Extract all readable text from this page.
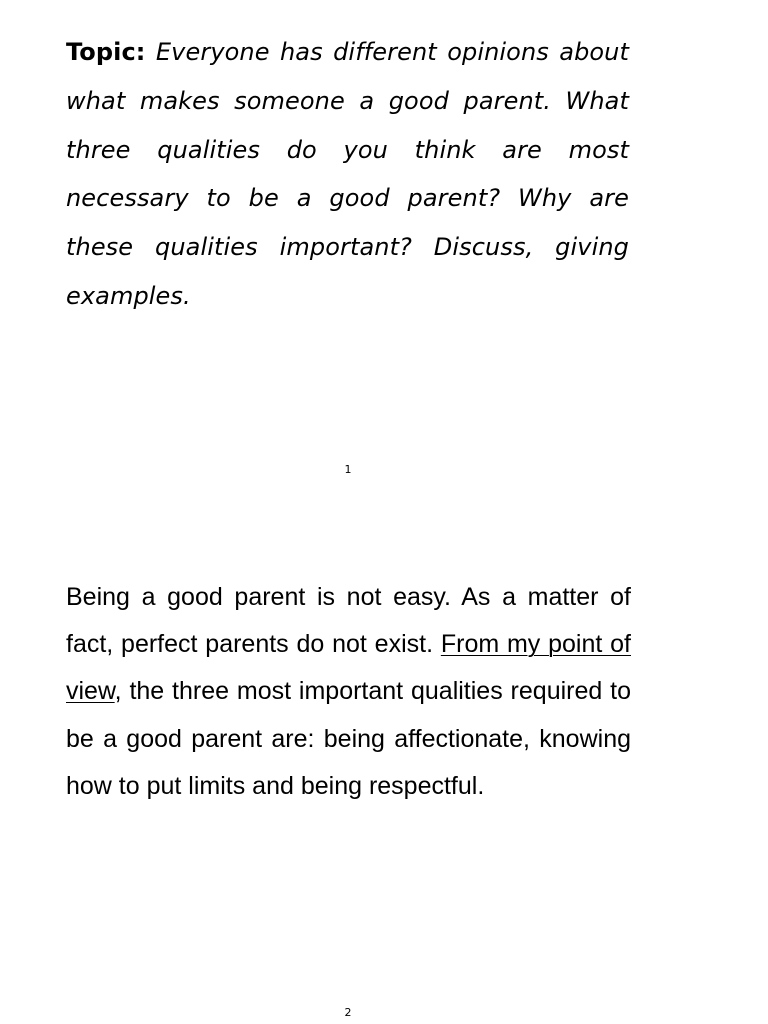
Topic: Everyone has different opinions about what makes someone a good parent. What three qualities do you think are most necessary to be a good parent? Why are these qualities important? Discuss, giving examples.

1

Being a good parent is not easy. As a matter of fact, perfect parents do not exist. From my point of view, the three most important qualities required to be a good parent are: being affectionate, knowing how to put limits and being respectful.

2
